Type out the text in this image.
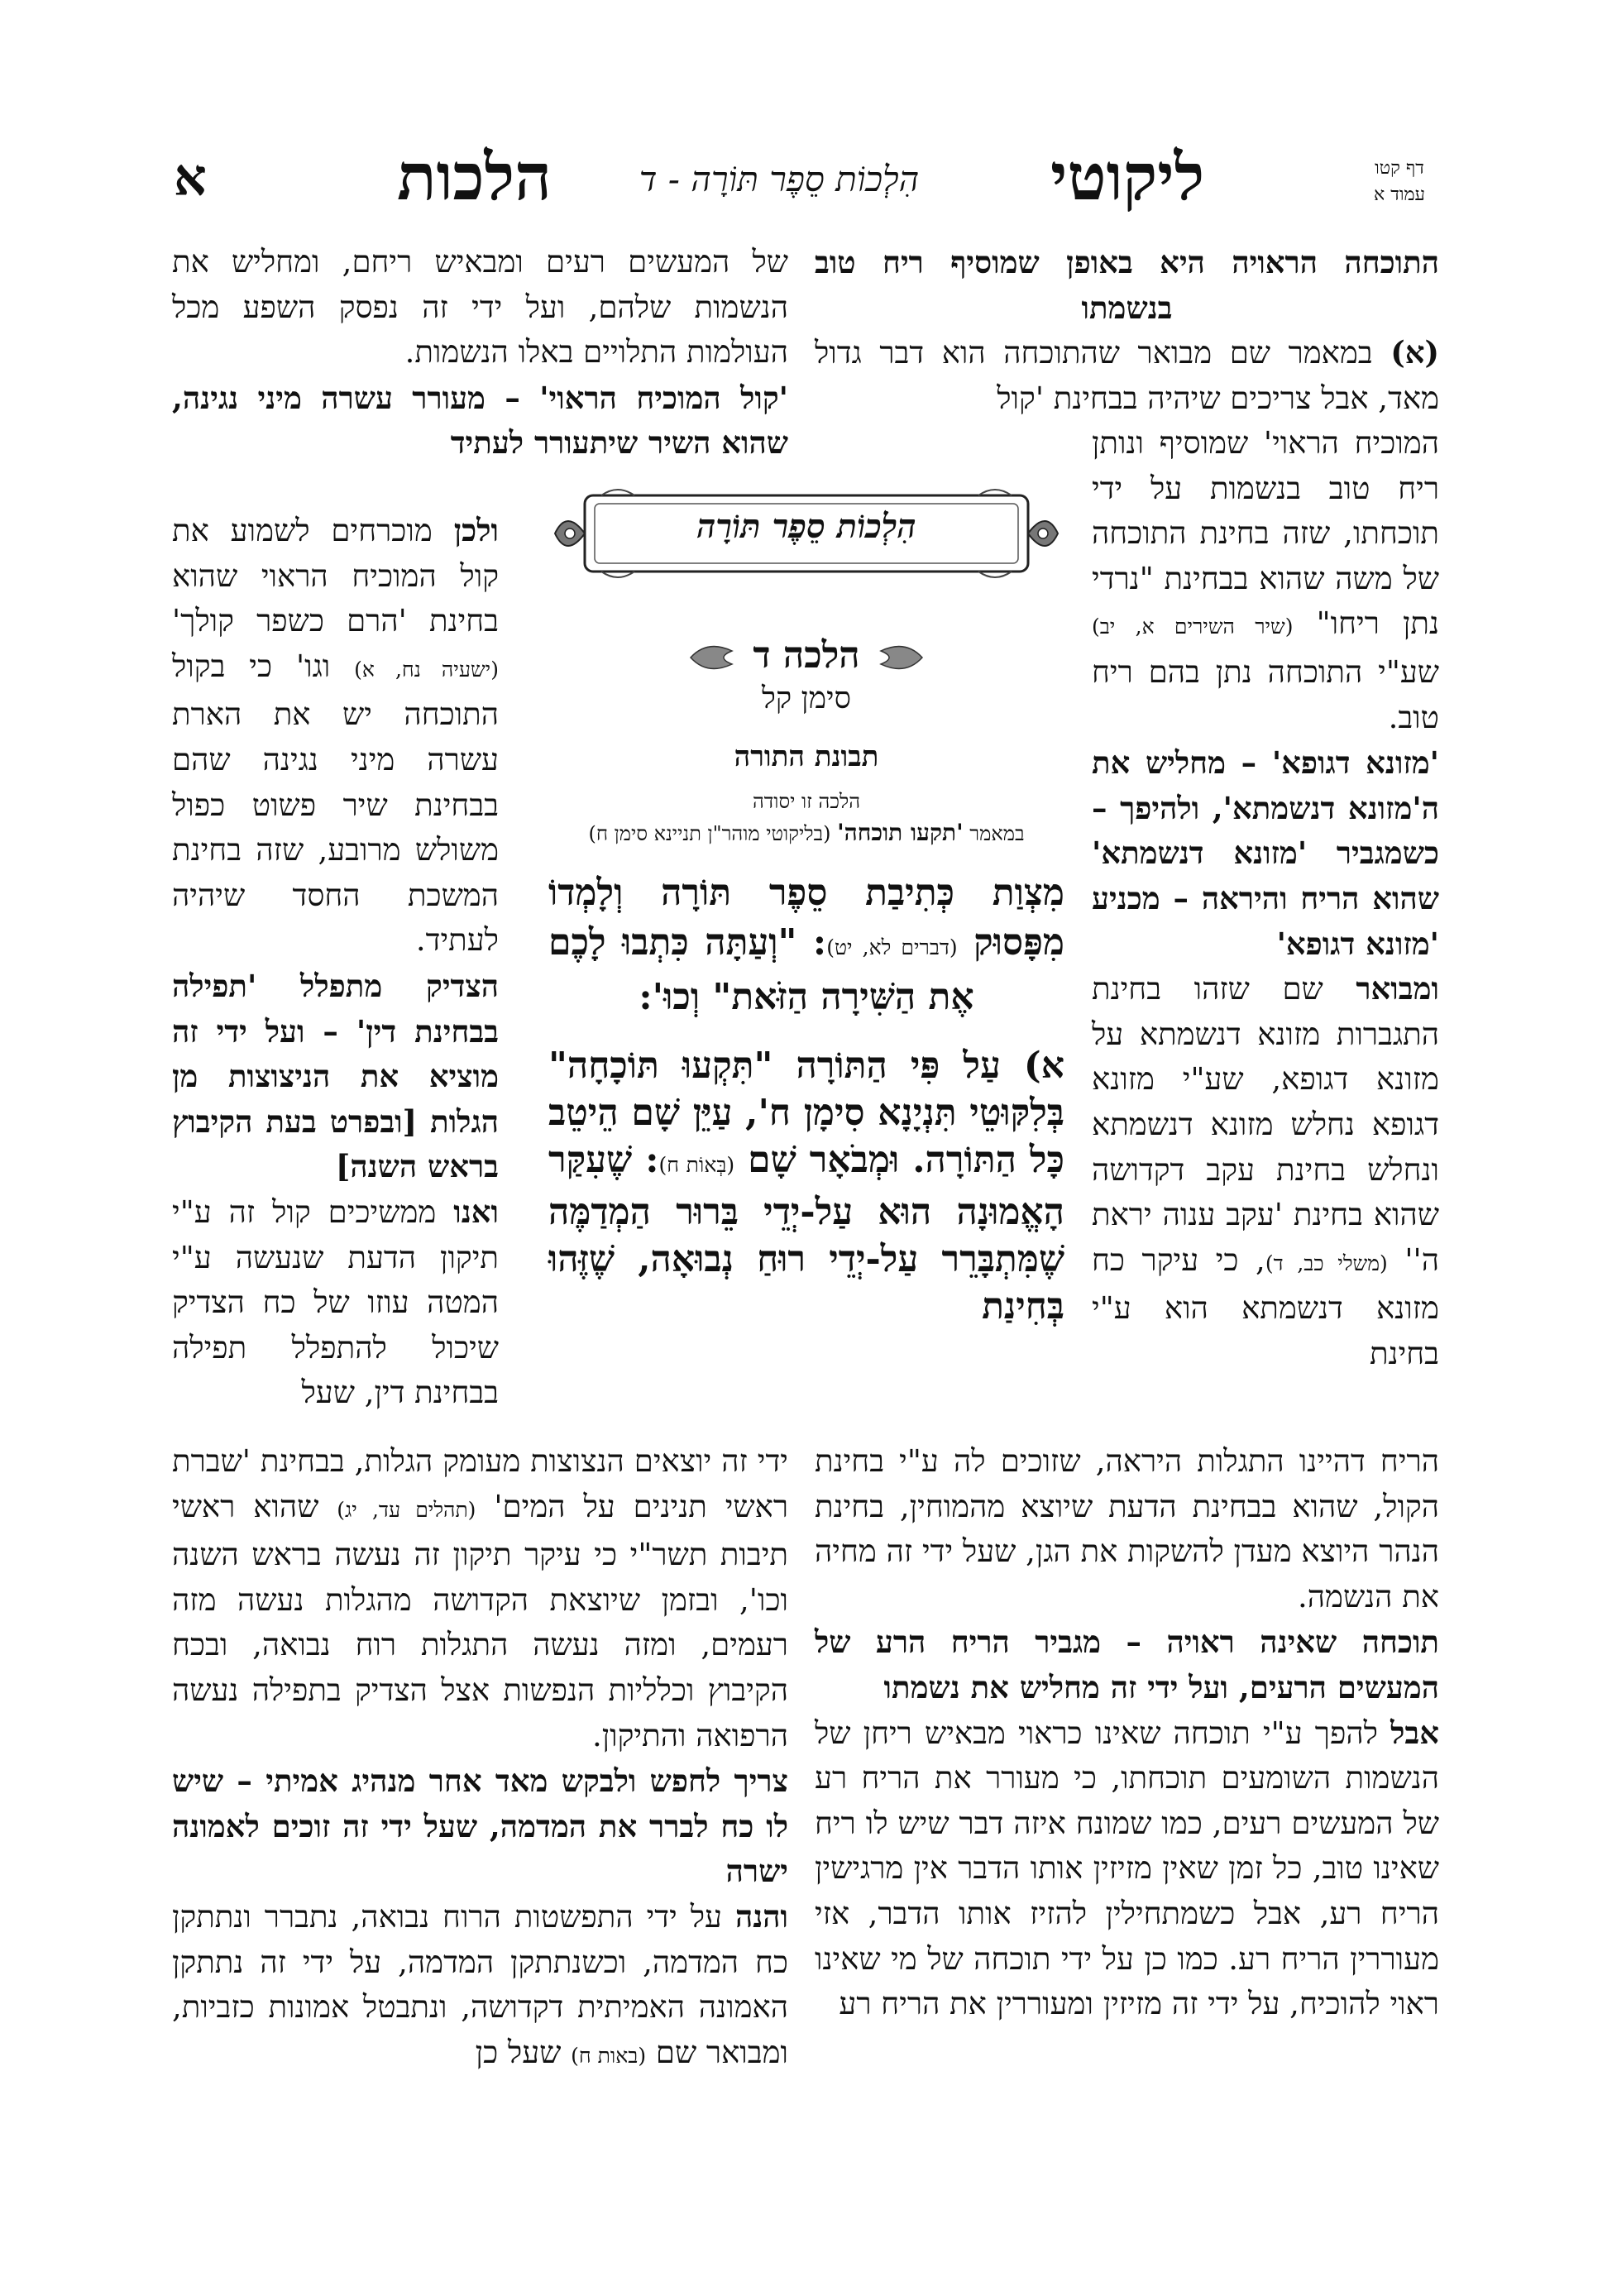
דף קטו
עמוד א
ליקוטי
הִלְכוֹת סֵפֶר תּוֹרָה - ד
הלכות
א

התוכחה הראויה היא באופן שמוסיף ריח טוב בנשמתו

(א) במאמר שם מבואר שהתוכחה הוא דבר גדול מאד, אבל צריכים שיהיה בבחינת 'קול

המוכיח הראוי' שמוסיף ונותן ריח טוב בנשמות על ידי תוכחתו, שזה בחינת התוכחה של משה שהוא בבחינת "נרדי נתן ריחו" (שיר השירים א, יב) שע"י התוכחה נתן בהם ריח טוב.

'מזונא דגופא' – מחליש את ה'מזונא דנשמתא', ולהיפך – כשמגביר 'מזונא דנשמתא' שהוא הריח והיראה – מכניע 'מזונא דגופא'

ומבואר שם שזהו בחינת התגברות מזונא דנשמתא על מזונא דגופא, שע"י מזונא דגופא נחלש מזונא דנשמתא ונחלש בחינת עקב דקדושה שהוא בחינת 'עקב ענוה יראת ה'' (משלי כב, ד), כי עיקר כח מזונא דנשמתא הוא ע"י בחינת

הריח דהיינו התגלות היראה, שזוכים לה ע"י בחינת הקול, שהוא בבחינת הדעת שיוצא מהמוחין, בחינת הנהר היוצא מעדן להשקות את הגן, שעל ידי זה מחיה את הנשמה.

תוכחה שאינה ראויה – מגביר הריח הרע של המעשים הרעים, ועל ידי זה מחליש את נשמתו

אבל להפך ע"י תוכחה שאינו כראוי מבאיש ריחן של הנשמות השומעים תוכחתו, כי מעורר את הריח רע של המעשים רעים, כמו שמונח איזה דבר שיש לו ריח שאינו טוב, כל זמן שאין מזיזין אותו הדבר אין מרגישין הריח רע, אבל כשמתחילין להזיז אותו הדבר, אזי מעוררין הריח רע. כמו כן על ידי תוכחה של מי שאינו ראוי להוכיח, על ידי זה מזיזין ומעוררין את הריח רע

של המעשים רעים ומבאיש ריחם, ומחליש את הנשמות שלהם, ועל ידי זה נפסק השפע מכל העולמות התלויים באלו הנשמות.

'קול המוכיח הראוי' – מעורר עשרה מיני נגינה, שהוא השיר שיתעורר לעתיד

ולכן מוכרחים לשמוע את קול המוכיח הראוי שהוא בחינת 'הרם כשפר קולך' (ישעיה נח, א) וגו' כי בקול התוכחה יש את הארת עשרה מיני נגינה שהם בבחינת שיר פשוט כפול משולש מרובע, שזה בחינת המשכת החסד שיהיה לעתיד.

הצדיק מתפלל 'תפילה בבחינת דין' – ועל ידי זה מוציא את הניצוצות מן הגלות [ובפרט בעת הקיבוץ בראש השנה]

ואנו ממשיכים קול זה ע"י תיקון הדעת שנעשה ע"י המטה עוזו של כח הצדיק שיכול להתפלל תפילה בבחינת דין, שעל

ידי זה יוצאים הנצוצות מעומק הגלות, בבחינת 'שברת ראשי תנינים על המים' (תהלים עד, יג) שהוא ראשי תיבות תשר"י כי עיקר תיקון זה נעשה בראש השנה וכו', ובזמן שיוצאת הקדושה מהגלות נעשה מזה רעמים, ומזה נעשה התגלות רוח נבואה, ובכח הקיבוץ וכלליות הנפשות אצל הצדיק בתפילה נעשה הרפואה והתיקון.

צריך לחפש ולבקש מאד אחר מנהיג אמיתי – שיש לו כח לברר את המדמה, שעל ידי זה זוכים לאמונה ישרה

והנה על ידי התפשטות הרוח נבואה, נתברר ונתתקן כח המדמה, וכשנתתקן המדמה, על ידי זה נתתקן האמונה האמיתית דקדושה, ונתבטל אמונות כזביות, ומבואר שם (באות ח) שעל כן

הִלְכוֹת סֵפֶר תּוֹרָה
הלכה ד
סימן קל
תבונת התורה
הלכה זו יסודה
במאמר 'תקעו תוכחה' (בליקוטי מוהר"ן תניינא סימן ח)
מִצְוַת כְּתִיבַת סֵפֶר תּוֹרָה וְלָמְדוֹ מִפָּסוּק (דברים לא, יט): "וְעַתָּה כִּתְבוּ לָכֶם אֶת הַשִּׁירָה הַזֹּאת" וְכוּ':
א) עַל פִּי הַתּוֹרָה "תִּקְעוּ תּוֹכָחָה" בְּלִקּוּטֵי תִּנְיָנָא סִימָן ח', עַיֵּן שָׁם הֵיטֵב כָּל הַתּוֹרָה. וּמְבֹאָר שָׁם (בְּאוֹת ח): שֶׁעִקַּר הָאֱמוּנָה הוּא עַל-יְדֵי בֵּרוּר הַמְדַמֶּה שֶׁמִּתְבָּרֵר עַל-יְדֵי רוּחַ נְבוּאָה, שֶׁזֶּהוּ בְּחִינַת
